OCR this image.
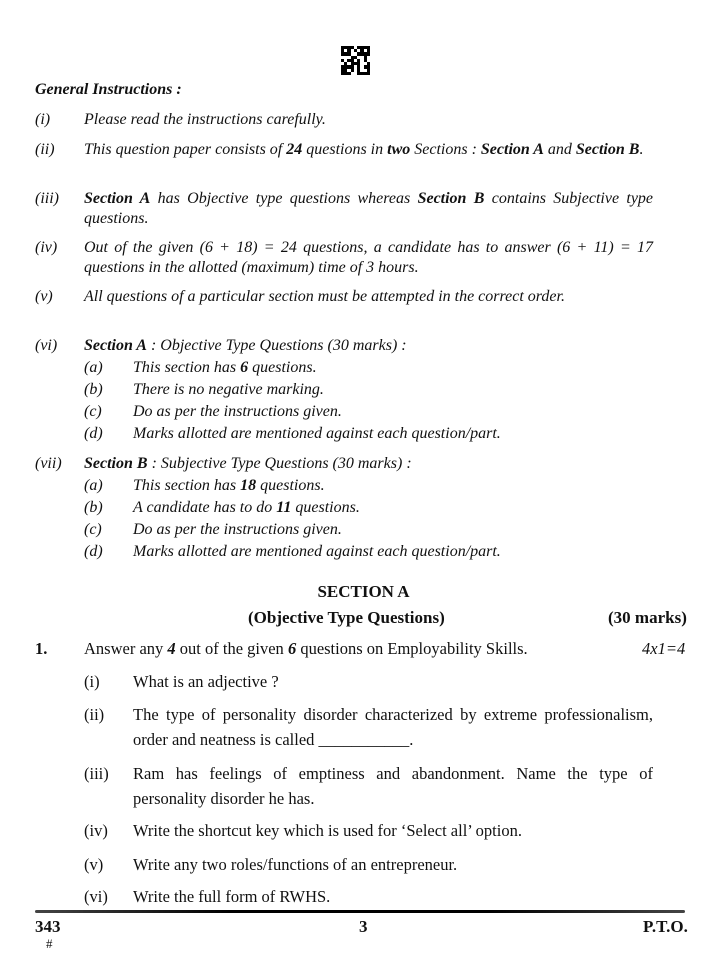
General Instructions :
(i) Please read the instructions carefully.
(ii) This question paper consists of 24 questions in two Sections : Section A and Section B.
(iii) Section A has Objective type questions whereas Section B contains Subjective type questions.
(iv) Out of the given (6 + 18) = 24 questions, a candidate has to answer (6 + 11) = 17 questions in the allotted (maximum) time of 3 hours.
(v) All questions of a particular section must be attempted in the correct order.
(vi) Section A : Objective Type Questions (30 marks) :
(a) This section has 6 questions.
(b) There is no negative marking.
(c) Do as per the instructions given.
(d) Marks allotted are mentioned against each question/part.
(vii) Section B : Subjective Type Questions (30 marks) :
(a) This section has 18 questions.
(b) A candidate has to do 11 questions.
(c) Do as per the instructions given.
(d) Marks allotted are mentioned against each question/part.
SECTION A
(Objective Type Questions)	(30 marks)
1. Answer any 4 out of the given 6 questions on Employability Skills.	4x1=4
(i) What is an adjective ?
(ii) The type of personality disorder characterized by extreme professionalism, order and neatness is called ___________.
(iii) Ram has feelings of emptiness and abandonment. Name the type of personality disorder he has.
(iv) Write the shortcut key which is used for ‘Select all’ option.
(v) Write any two roles/functions of an entrepreneur.
(vi) Write the full form of RWHS.
343
#
3	P.T.O.
